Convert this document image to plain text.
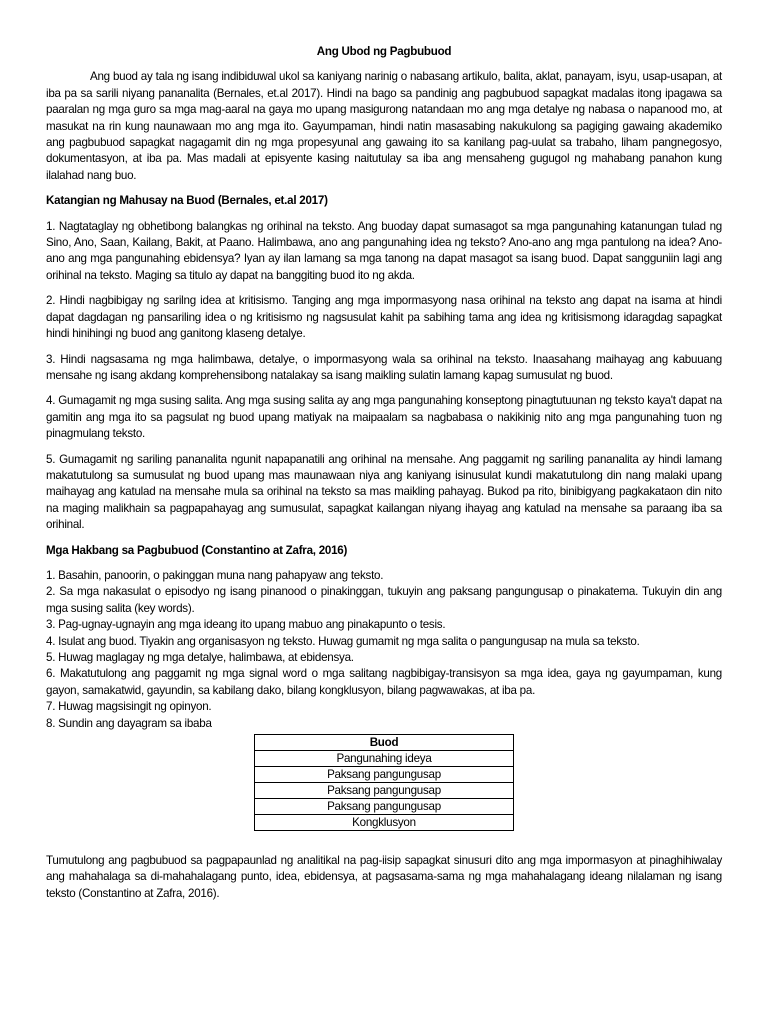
Ang Ubod ng Pagbubuod

Ang buod ay tala ng isang indibiduwal ukol sa kaniyang narinig o nabasang artikulo, balita, aklat, panayam, isyu, usap-usapan, at iba pa sa sarili niyang pananalita (Bernales, et.al 2017). Hindi na bago sa pandinig ang pagbubuod sapagkat madalas itong ipagawa sa paaralan ng mga guro sa mga mag-aaral na gaya mo upang masigurong natandaan mo ang mga detalye ng nabasa o napanood mo, at masukat na rin kung naunawaan mo ang mga ito. Gayumpaman, hindi natin masasabing nakukulong sa pagiging gawaing akademiko ang pagbubuod sapagkat nagagamit din ng mga propesyunal ang gawaing ito sa kanilang pag-uulat sa trabaho, liham pangnegosyo, dokumentasyon, at iba pa. Mas madali at episyente kasing naitutulay sa iba ang mensaheng gugugol ng mahabang panahon kung ilalahad nang buo.

Katangian ng Mahusay na Buod (Bernales, et.al 2017)

1. Nagtataglay ng obhetibong balangkas ng orihinal na teksto. Ang buoday dapat sumasagot sa mga pangunahing katanungan tulad ng Sino, Ano, Saan, Kailang, Bakit, at Paano. Halimbawa, ano ang pangunahing idea ng teksto? Ano-ano ang mga pantulong na idea? Ano-ano ang mga pangunahing ebidensya? Iyan ay ilan lamang sa mga tanong na dapat masagot sa isang buod. Dapat sangguniin lagi ang orihinal na teksto. Maging sa titulo ay dapat na banggiting buod ito ng akda.

2. Hindi nagbibigay ng sarilng idea at kritisismo. Tanging ang mga impormasyong nasa orihinal na teksto ang dapat na isama at hindi dapat dagdagan ng pansariling idea o ng kritisismo ng nagsusulat kahit pa sabihing tama ang idea ng kritisismong idaragdag sapagkat hindi hinihingi ng buod ang ganitong klaseng detalye.

3. Hindi nagsasama ng mga halimbawa, detalye, o impormasyong wala sa orihinal na teksto. Inaasahang maihayag ang kabuuang mensahe ng isang akdang komprehensibong natalakay sa isang maikling sulatin lamang kapag sumusulat ng buod.

4. Gumagamit ng mga susing salita. Ang mga susing salita ay ang mga pangunahing konseptong pinagtutuunan ng teksto kaya't dapat na gamitin ang mga ito sa pagsulat ng buod upang matiyak na maipaalam sa nagbabasa o nakikinig nito ang mga pangunahing tuon ng pinagmulang teksto.

5. Gumagamit ng sariling pananalita ngunit napapanatili ang orihinal na mensahe. Ang paggamit ng sariling pananalita ay hindi lamang makatutulong sa sumusulat ng buod upang mas maunawaan niya ang kaniyang isinusulat kundi makatutulong din nang malaki upang maihayag ang katulad na mensahe mula sa orihinal na teksto sa mas maikling pahayag. Bukod pa rito, binibigyang pagkakataon din nito na maging malikhain sa pagpapahayag ang sumusulat, sapagkat kailangan niyang ihayag ang katulad na mensahe sa paraang iba sa orihinal.

Mga Hakbang sa Pagbubuod (Constantino at Zafra, 2016)
1. Basahin, panoorin, o pakinggan muna nang pahapyaw ang teksto.
2. Sa mga nakasulat o episodyo ng isang pinanood o pinakinggan, tukuyin ang paksang pangungusap o pinakatema. Tukuyin din ang mga susing salita (key words).
3. Pag-ugnay-ugnayin ang mga ideang ito upang mabuo ang pinakapunto o tesis.
4. Isulat ang buod. Tiyakin ang organisasyon ng teksto. Huwag gumamit ng mga salita o pangungusap na mula sa teksto.
5. Huwag maglagay ng mga detalye, halimbawa, at ebidensya.
6. Makatutulong ang paggamit ng mga signal word o mga salitang nagbibigay-transisyon sa mga idea, gaya ng gayumpaman, kung gayon, samakatwid, gayundin, sa kabilang dako, bilang kongklusyon, bilang pagwawakas, at iba pa.
7. Huwag magsisingit ng opinyon.
8. Sundin ang dayagram sa ibaba
Buod
Pangunahing ideya
Paksang pangungusap
Paksang pangungusap
Paksang pangungusap
Kongklusyon

Tumutulong ang pagbubuod sa pagpapaunlad ng analitikal na pag-iisip sapagkat sinusuri dito ang mga impormasyon at pinaghihiwalay ang mahahalaga sa di-mahahalagang punto, idea, ebidensya, at pagsasama-sama ng mga mahahalagang ideang nilalaman ng isang teksto (Constantino at Zafra, 2016).
